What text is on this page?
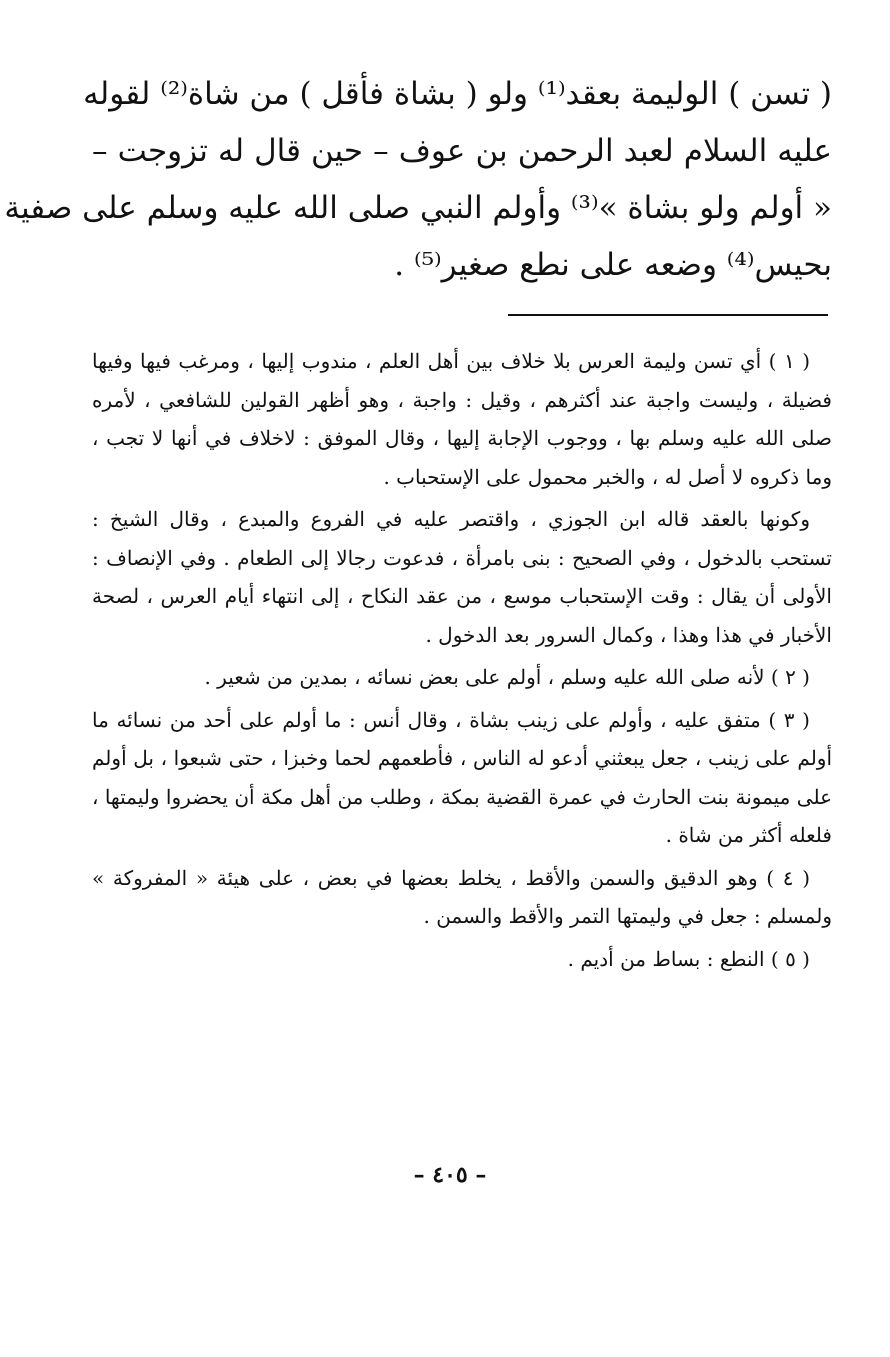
( تسن ) الوليمة بعقد⁽¹⁾ ولو ( بشاة فأقل ) من شاة⁽²⁾ لقوله
عليه السلام لعبد الرحمن بن عوف – حين قال له تزوجت –
« أولم ولو بشاة »⁽³⁾ وأولم النبي صلى الله عليه وسلم على صفية
بحيس⁽⁴⁾ وضعه على نطع صغير⁽⁵⁾ .

( ١ ) أي تسن وليمة العرس بلا خلاف بين أهل العلم ، مندوب إليها ، ومرغب فيها وفيها فضيلة ، وليست واجبة عند أكثرهم ، وقيل : واجبة ، وهو أظهر القولين للشافعي ، لأمره صلى الله عليه وسلم بها ، ووجوب الإجابة إليها ، وقال الموفق : لاخلاف في أنها لا تجب ، وما ذكروه لا أصل له ، والخبر محمول على الإستحباب .

وكونها بالعقد قاله ابن الجوزي ، واقتصر عليه في الفروع والمبدع ، وقال الشيخ : تستحب بالدخول ، وفي الصحيح : بنى بامرأة ، فدعوت رجالا إلى الطعام . وفي الإنصاف : الأولى أن يقال : وقت الإستحباب موسع ، من عقد النكاح ، إلى انتهاء أيام العرس ، لصحة الأخبار في هذا وهذا ، وكمال السرور بعد الدخول .

( ٢ ) لأنه صلى الله عليه وسلم ، أولم على بعض نسائه ، بمدين من شعير .

( ٣ ) متفق عليه ، وأولم على زينب بشاة ، وقال أنس : ما أولم على أحد من نسائه ما أولم على زينب ، جعل يبعثني أدعو له الناس ، فأطعمهم لحما وخبزا ، حتى شبعوا ، بل أولم على ميمونة بنت الحارث في عمرة القضية بمكة ، وطلب من أهل مكة أن يحضروا وليمتها ، فلعله أكثر من شاة .

( ٤ ) وهو الدقيق والسمن والأقط ، يخلط بعضها في بعض ، على هيئة « المفروكة » ولمسلم : جعل في وليمتها التمر والأقط والسمن .

( ٥ ) النطع : بساط من أديم .

– ٤٠٥ –
